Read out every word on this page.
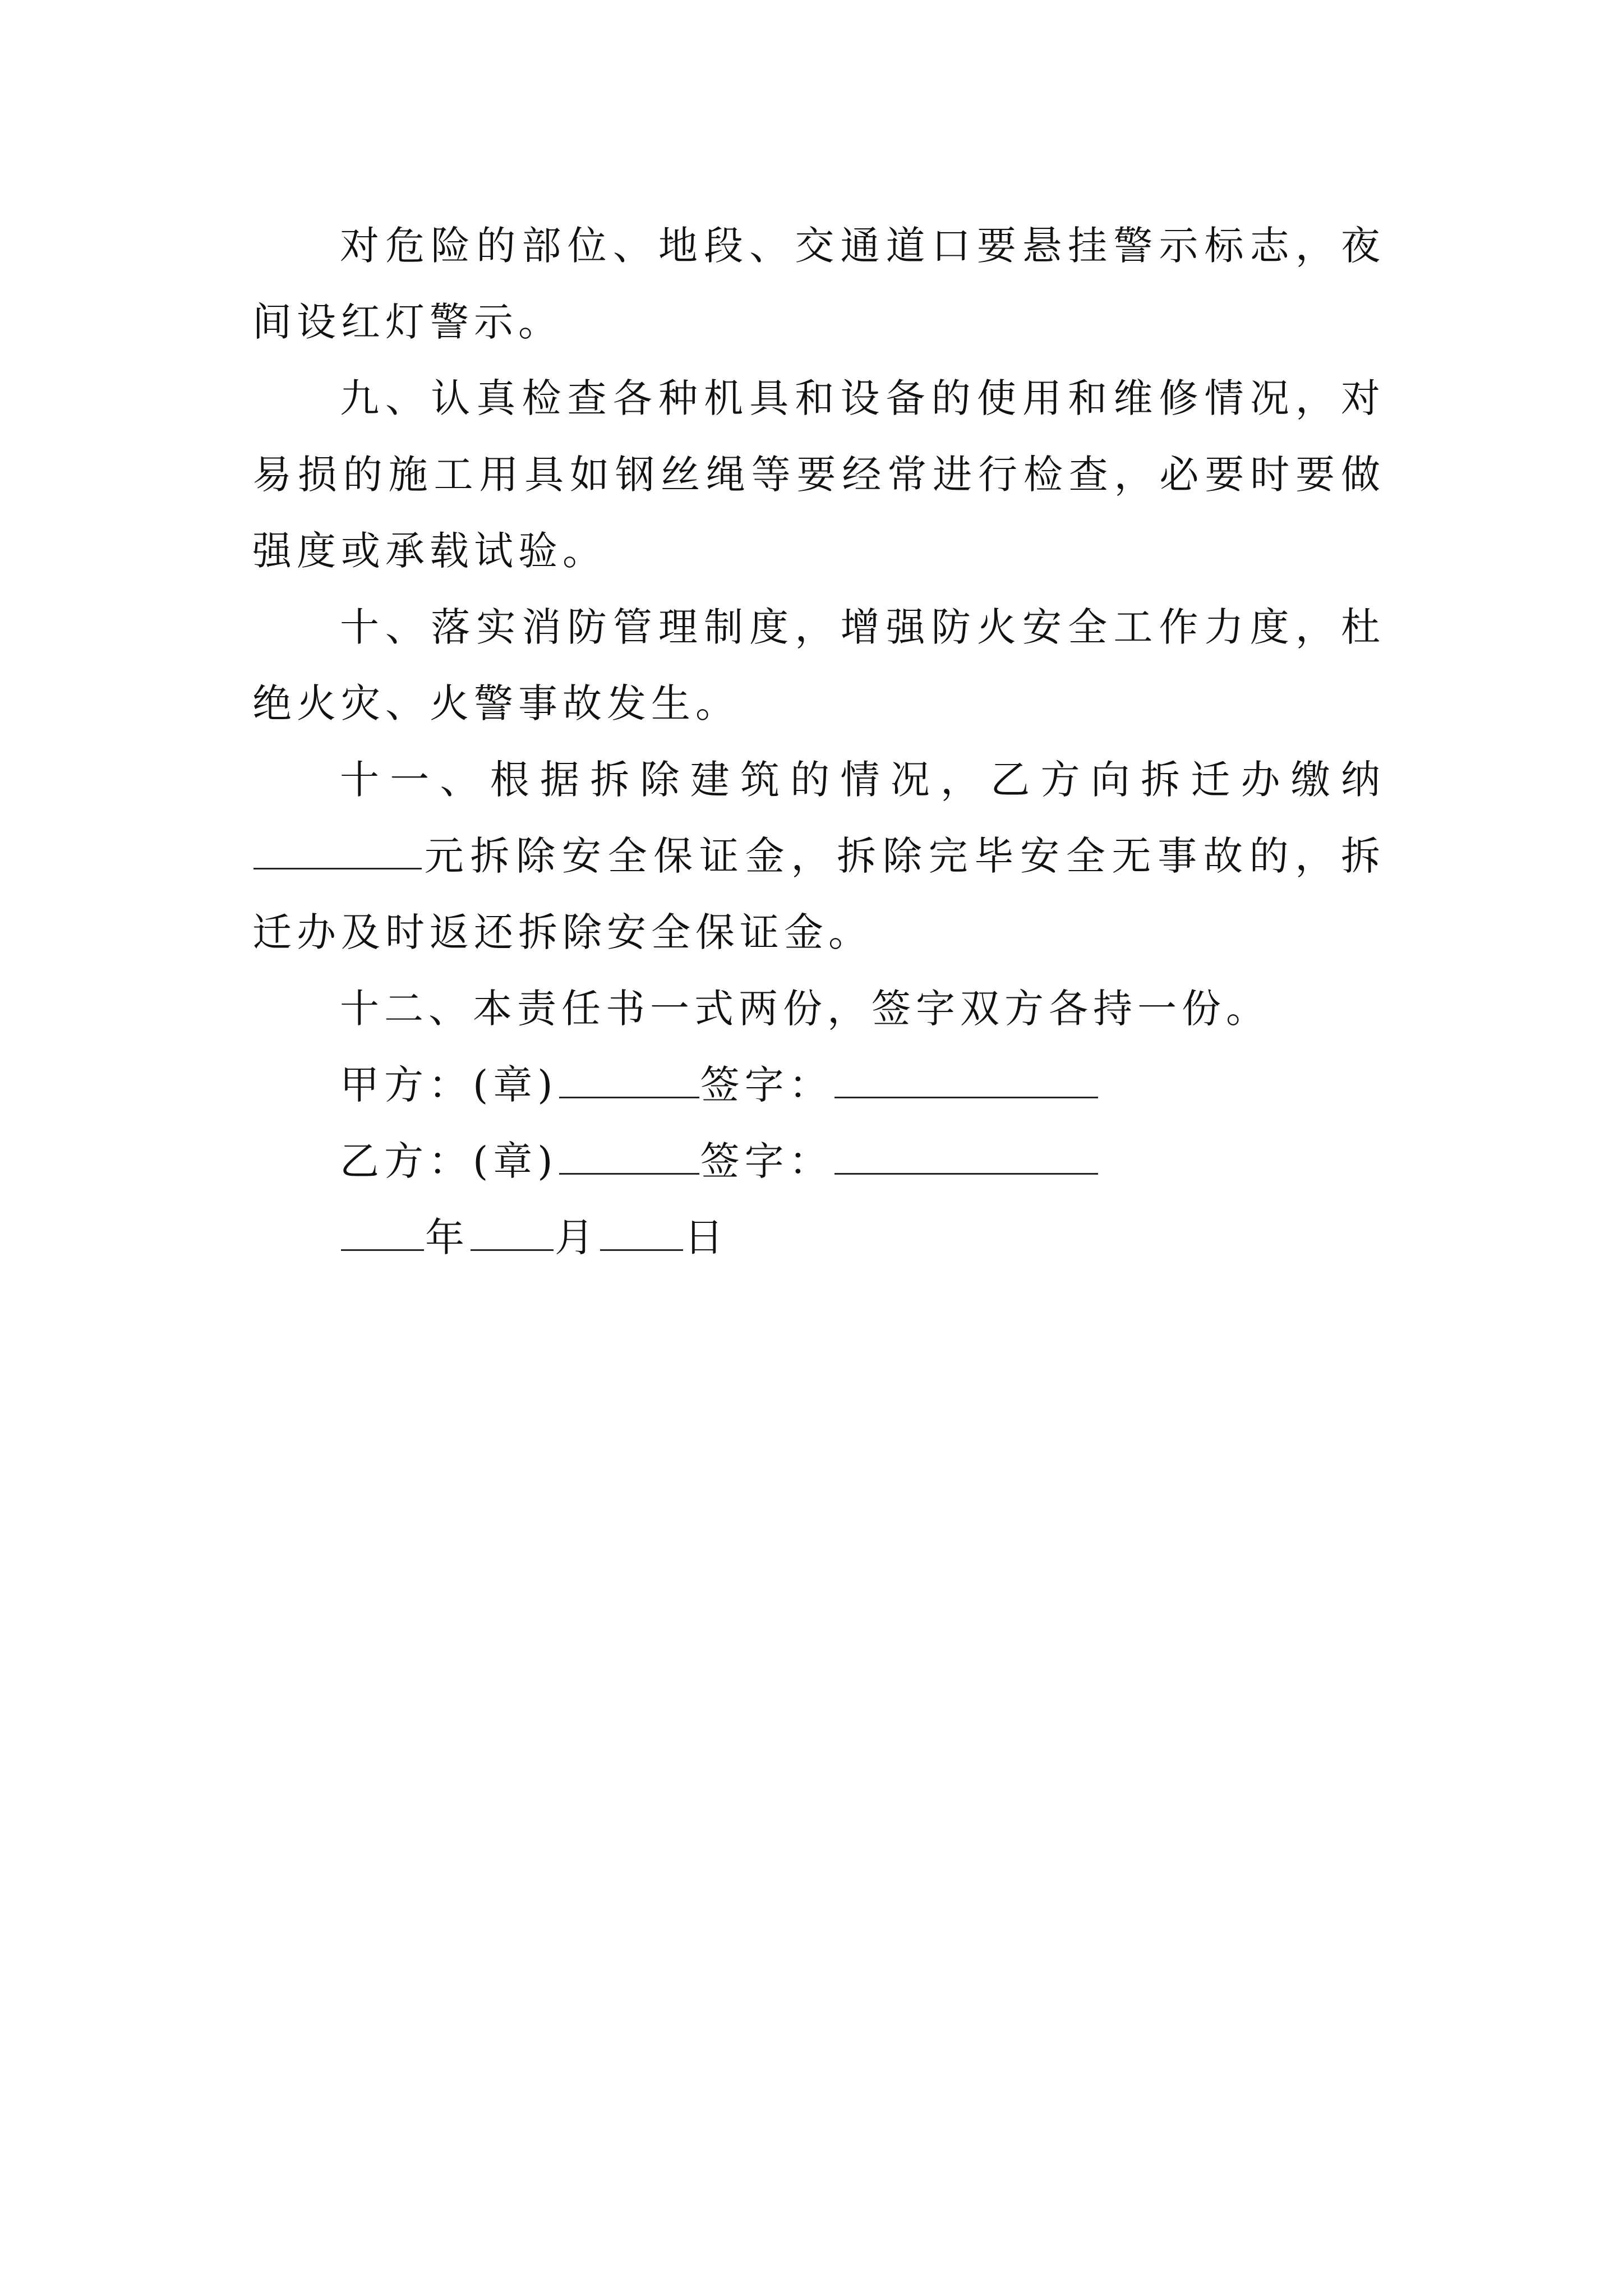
对危险的部位、地段、交通道口要悬挂警示标志，夜间设红灯警示。

九、认真检查各种机具和设备的使用和维修情况，对易损的施工用具如钢丝绳等要经常进行检查，必要时要做强度或承载试验。

十、落实消防管理制度，增强防火安全工作力度，杜绝火灾、火警事故发生。

十一、根据拆除建筑的情况，乙方向拆迁办缴纳元拆除安全保证金，拆除完毕安全无事故的，拆迁办及时返还拆除安全保证金。

十二、本责任书一式两份，签字双方各持一份。

甲方：(章)	签字：

乙方：(章)	签字：

年 月 日
